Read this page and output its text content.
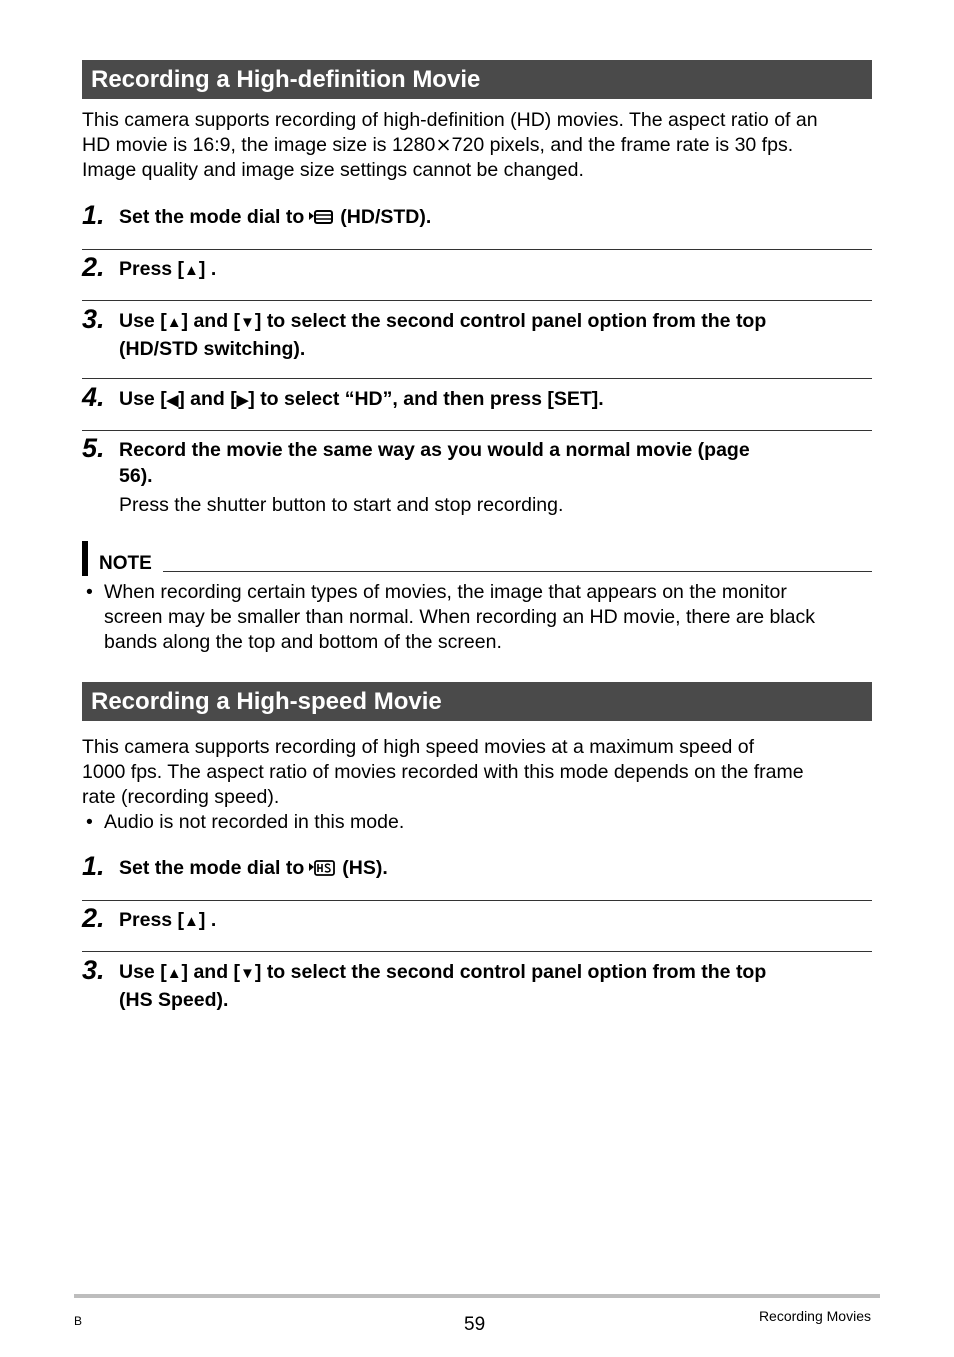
Recording a High-definition Movie
This camera supports recording of high-definition (HD) movies. The aspect ratio of an
HD movie is 16:9, the image size is 1280⨯720 pixels, and the frame rate is 30 fps.
Image quality and image size settings cannot be changed.
1. Set the mode dial to (HD/STD).
2. Press [▲] .
3. Use [▲] and [▼] to select the second control panel option from the top
(HD/STD switching).
4. Use [◀] and [▶] to select “HD”, and then press [SET].
5. Record the movie the same way as you would a normal movie (page
56).
Press the shutter button to start and stop recording.
NOTE
• When recording certain types of movies, the image that appears on the monitor
screen may be smaller than normal. When recording an HD movie, there are black
bands along the top and bottom of the screen.
Recording a High-speed Movie
This camera supports recording of high speed movies at a maximum speed of
1000 fps. The aspect ratio of movies recorded with this mode depends on the frame
rate (recording speed).
• Audio is not recorded in this mode.
1. Set the mode dial to (HS).
2. Press [▲] .
3. Use [▲] and [▼] to select the second control panel option from the top
(HS Speed).
B	59	Recording Movies
